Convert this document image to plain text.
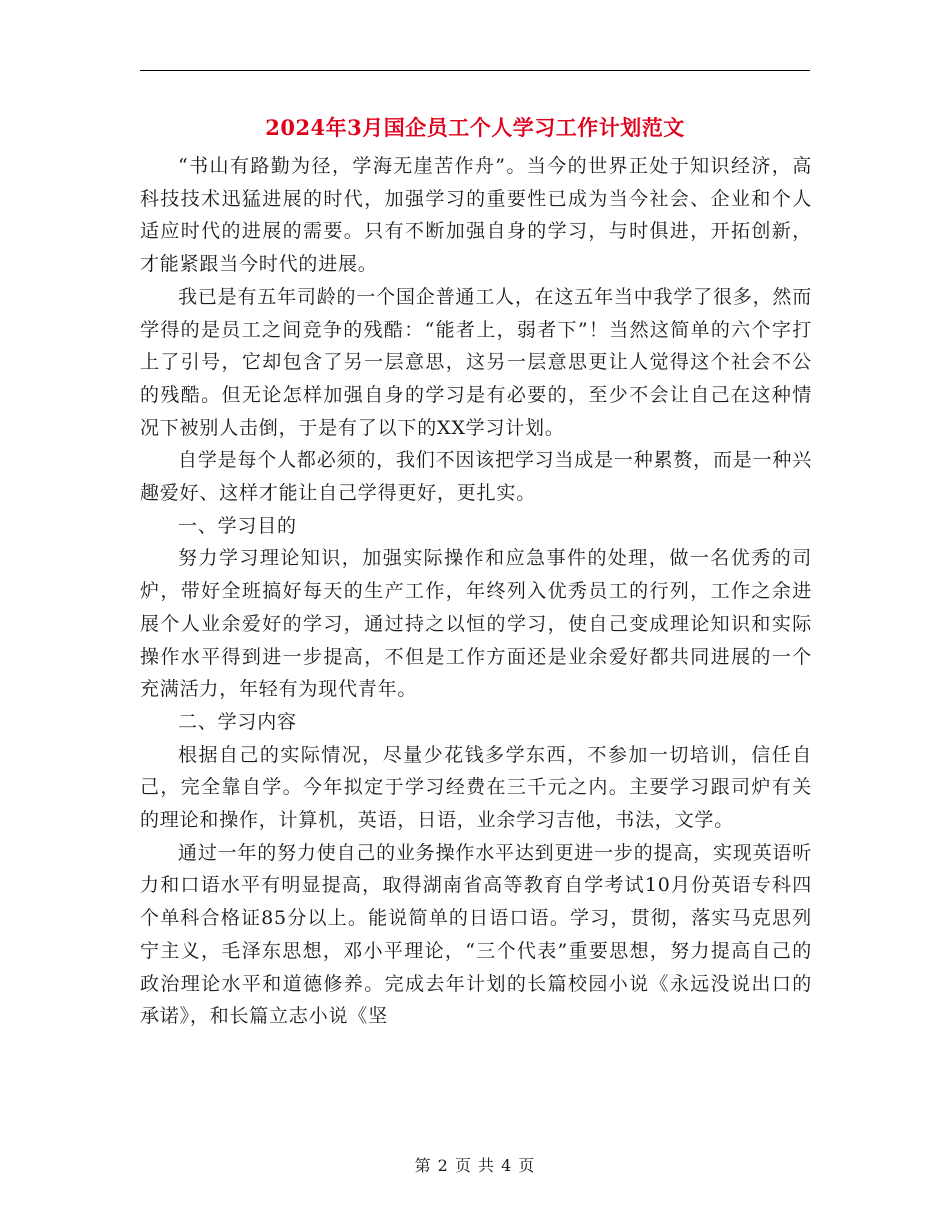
2024年3月国企员工个人学习工作计划范文

“书山有路勤为径，学海无崖苦作舟”。当今的世界正处于知识经济，高科技技术迅猛进展的时代，加强学习的重要性已成为当今社会、企业和个人适应时代的进展的需要。只有不断加强自身的学习，与时俱进，开拓创新，才能紧跟当今时代的进展。

我已是有五年司龄的一个国企普通工人，在这五年当中我学了很多，然而学得的是员工之间竞争的残酷：“能者上，弱者下”！当然这简单的六个字打上了引号，它却包含了另一层意思，这另一层意思更让人觉得这个社会不公的残酷。但无论怎样加强自身的学习是有必要的，至少不会让自己在这种情况下被别人击倒，于是有了以下的XX学习计划。

自学是每个人都必须的，我们不因该把学习当成是一种累赘，而是一种兴趣爱好、这样才能让自己学得更好，更扎实。

一、学习目的

努力学习理论知识，加强实际操作和应急事件的处理，做一名优秀的司炉，带好全班搞好每天的生产工作，年终列入优秀员工的行列，工作之余进展个人业余爱好的学习，通过持之以恒的学习，使自己变成理论知识和实际操作水平得到进一步提高，不但是工作方面还是业余爱好都共同进展的一个充满活力，年轻有为现代青年。

二、学习内容

根据自己的实际情况，尽量少花钱多学东西，不参加一切培训，信任自己，完全靠自学。今年拟定于学习经费在三千元之内。主要学习跟司炉有关的理论和操作，计算机，英语，日语，业余学习吉他，书法，文学。

通过一年的努力使自己的业务操作水平达到更进一步的提高，实现英语听力和口语水平有明显提高，取得湖南省高等教育自学考试10月份英语专科四个单科合格证85分以上。能说简单的日语口语。学习，贯彻，落实马克思列宁主义，毛泽东思想，邓小平理论，“三个代表”重要思想，努力提高自己的政治理论水平和道德修养。完成去年计划的长篇校园小说《永远没说出口的承诺》，和长篇立志小说《坚

第 2 页 共 4 页
